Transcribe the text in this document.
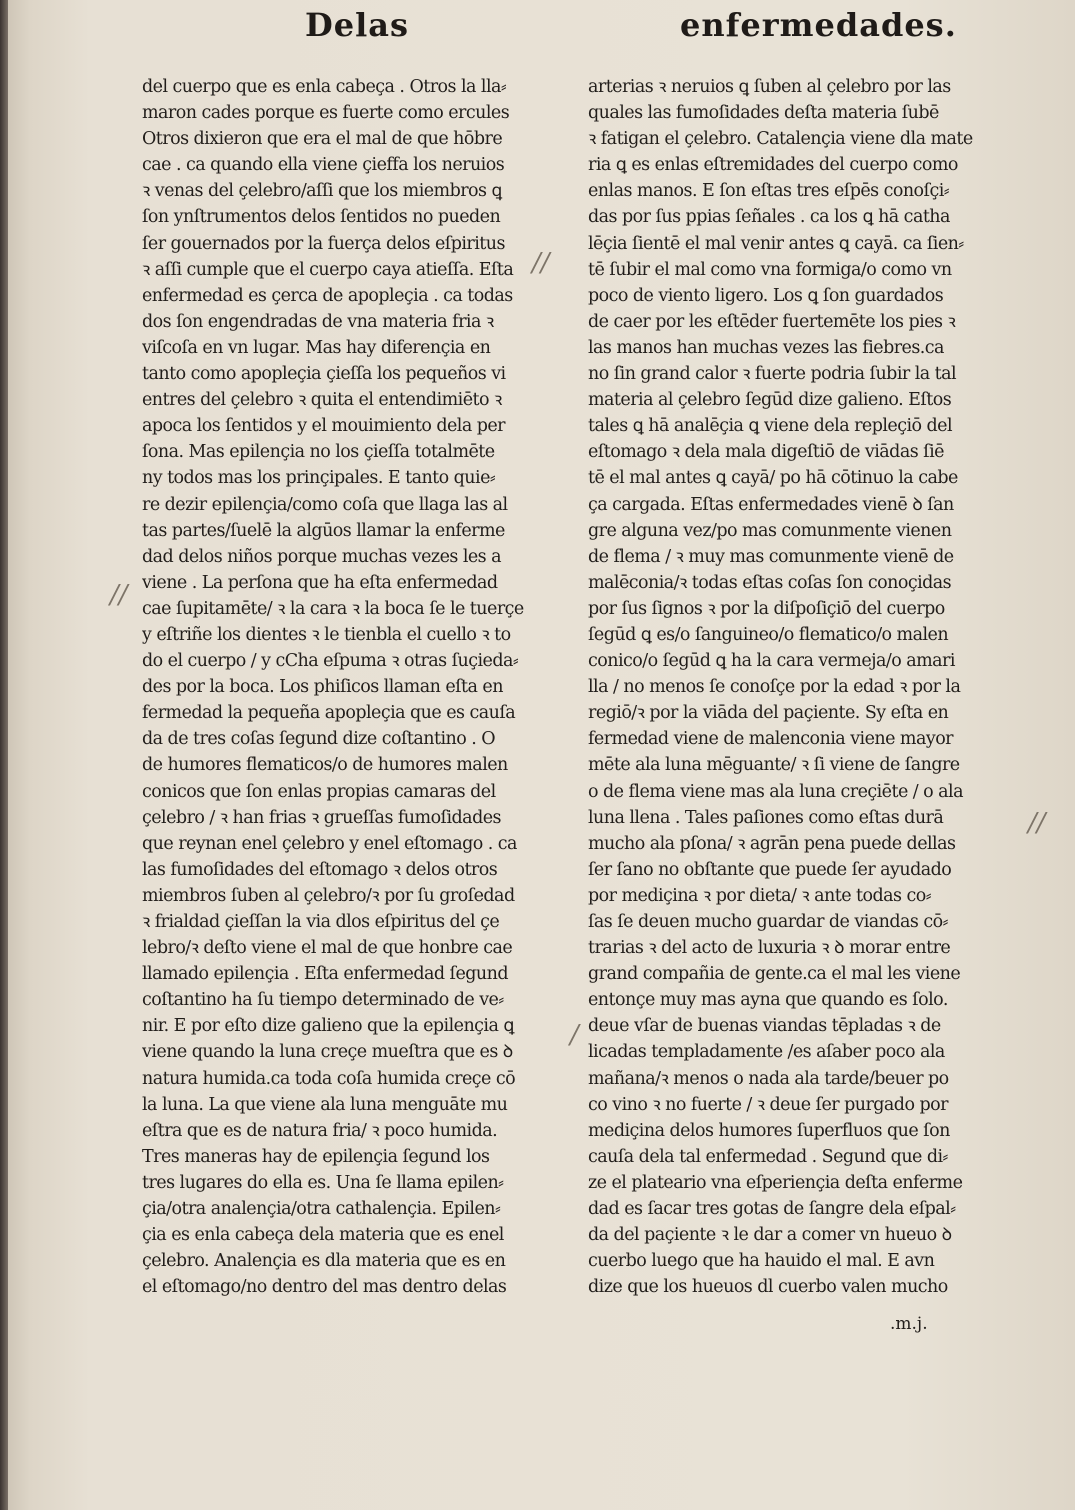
Delas	enfermedades.
del cuerpo que es enla cabeça . Otros la lla⸗
maron cades porque es fuerte como ercules
Otros dixieron que era el mal de que hōbre
cae . ca quando ella viene çieffa los neruios
ꝛ venas del çelebro/aſſi que los miembros ꝗ
ſon ynſtrumentos delos ſentidos no pueden
ſer gouernados por la fuerça delos eſpiritus
ꝛ aſſi cumple que el cuerpo caya atieſſa. Eſta
enfermedad es çerca de apopleçia . ca todas
dos ſon engendradas de vna materia fria ꝛ
viſcoſa en vn lugar. Mas hay diferençia en
tanto como apopleçia çieſſa los pequeños vi
entres del çelebro ꝛ quita el entendimiēto ꝛ
apoca los ſentidos y el mouimiento dela per
ſona. Mas epilençia no los çieſſa totalmēte
ny todos mas los prinçipales. E tanto quie⸗
re dezir epilençia/como coſa que llaga las al
tas partes/ſuelē la algūos llamar la enferme
dad delos niños porque muchas vezes les a
viene . La perſona que ha eſta enfermedad
cae ſupitamēte/ ꝛ la cara ꝛ la boca ſe le tuerçe
y eſtriñe los dientes ꝛ le tienbla el cuello ꝛ to
do el cuerpo / y cCha eſpuma ꝛ otras ſuçieda⸗
des por la boca. Los phiſicos llaman eſta en
fermedad la pequeña apopleçia que es cauſa
da de tres coſas ſegund dize coſtantino . O
de humores flematicos/o de humores malen
conicos que ſon enlas propias camaras del
çelebro / ꝛ han frias ꝛ grueſſas fumoſidades
que reynan enel çelebro y enel eſtomago . ca
las fumoſidades del eſtomago ꝛ delos otros
miembros ſuben al çelebro/ꝛ por ſu groſedad
ꝛ frialdad çieſſan la via dlos eſpiritus del çe
lebro/ꝛ deſto viene el mal de que honbre cae
llamado epilençia . Eſta enfermedad ſegund
coſtantino ha ſu tiempo determinado de ve⸗
nir. E por eſto dize galieno que la epilençia ꝗ
viene quando la luna creçe mueſtra que es ꝺ
natura humida.ca toda coſa humida creçe cō
la luna. La que viene ala luna menguāte mu
eſtra que es de natura fria/ ꝛ poco humida.
Tres maneras hay de epilençia ſegund los
tres lugares do ella es. Una ſe llama epilen⸗
çia/otra analençia/otra cathalençia. Epilen⸗
çia es enla cabeça dela materia que es enel
çelebro. Analençia es dla materia que es en
el eſtomago/no dentro del mas dentro delas
arterias ꝛ neruios ꝗ ſuben al çelebro por las
quales las fumoſidades deſta materia ſubē
ꝛ fatigan el çelebro. Catalençia viene dla mate
ria ꝗ es enlas eſtremidades del cuerpo como
enlas manos. E ſon eſtas tres eſpēs conoſçi⸗
das por ſus ppias ſeñales . ca los ꝗ hā catha
lēçia ſientē el mal venir antes ꝗ cayā. ca ſien⸗
tē ſubir el mal como vna formiga/o como vn
poco de viento ligero. Los ꝗ ſon guardados
de caer por les eſtēder fuertemēte los pies ꝛ
las manos han muchas vezes las fiebres.ca
no ſin grand calor ꝛ fuerte podria ſubir la tal
materia al çelebro ſegūd dize galieno. Eſtos
tales ꝗ hā analēçia ꝗ viene dela repleçiō del
eſtomago ꝛ dela mala digeſtiō de viādas ſiē
tē el mal antes ꝗ cayā/ po hā cōtinuo la cabe
ça cargada. Eſtas enfermedades vienē ꝺ ſan
gre alguna vez/po mas comunmente vienen
de flema / ꝛ muy mas comunmente vienē de
malēconia/ꝛ todas eſtas coſas ſon conoçidas
por ſus ſignos ꝛ por la diſpoſiçiō del cuerpo
ſegūd ꝗ es/o ſanguineo/o flematico/o malen
conico/o ſegūd ꝗ ha la cara vermeja/o amari
lla / no menos ſe conoſçe por la edad ꝛ por la
regiō/ꝛ por la viāda del paçiente. Sy eſta en
fermedad viene de malenconia viene mayor
mēte ala luna mēguante/ ꝛ ſi viene de ſangre
o de flema viene mas ala luna creçiēte / o ala
luna llena . Tales paſiones como eſtas durā
mucho ala pſona/ ꝛ agrān pena puede dellas
ſer ſano no obſtante que puede ſer ayudado
por mediçina ꝛ por dieta/ ꝛ ante todas co⸗
ſas ſe deuen mucho guardar de viandas cō⸗
trarias ꝛ del acto de luxuria ꝛ ꝺ morar entre
grand compañia de gente.ca el mal les viene
entonçe muy mas ayna que quando es ſolo.
deue vſar de buenas viandas tēpladas ꝛ de
licadas templadamente /es aſaber poco ala
mañana/ꝛ menos o nada ala tarde/beuer po
co vino ꝛ no fuerte / ꝛ deue ſer purgado por
mediçina delos humores ſuperfluos que ſon
cauſa dela tal enfermedad . Segund que di⸗
ze el plateario vna eſperiençia deſta enferme
dad es ſacar tres gotas de ſangre dela eſpal⸗
da del paçiente ꝛ le dar a comer vn hueuo ꝺ
cuerbo luego que ha hauido el mal. E avn
dize que los hueuos dl cuerbo valen mucho
.m.j.
//
//
//
/
